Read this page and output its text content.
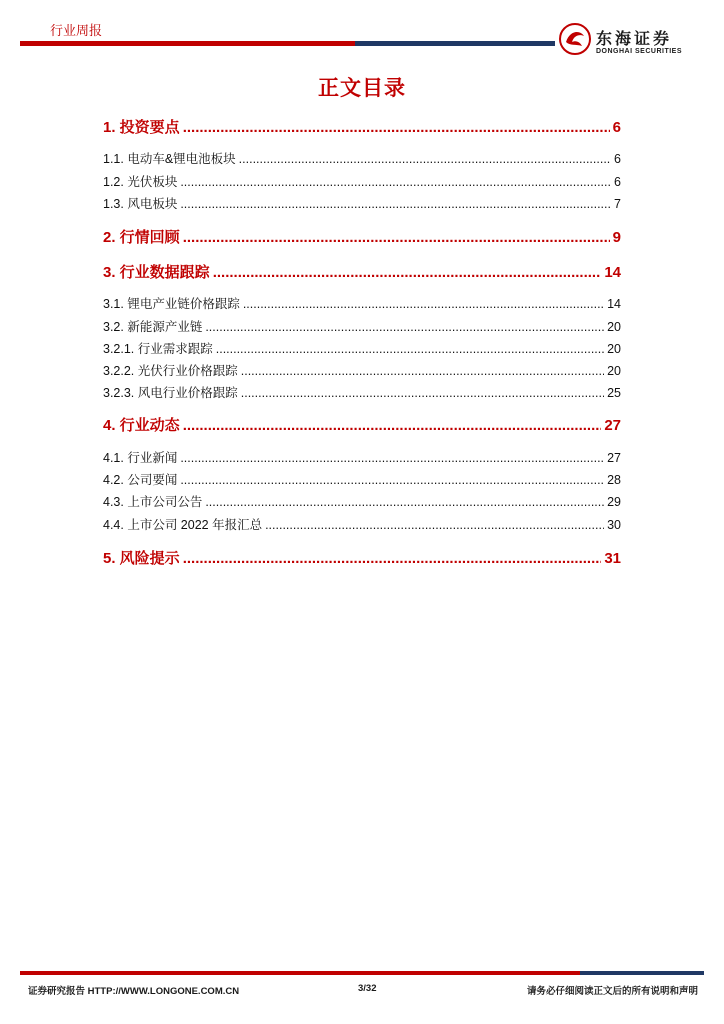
行业周报
东海证券
DONGHAI SECURITIES
正文目录
1. 投资要点 .....	6
1.1. 电动车&锂电池板块 .....	6
1.2. 光伏板块 .....	6
1.3. 风电板块 .....	7
2. 行情回顾 .....	9
3. 行业数据跟踪 .....	14
3.1. 锂电产业链价格跟踪 .....	14
3.2. 新能源产业链 .....	20
3.2.1. 行业需求跟踪 .....	20
3.2.2. 光伏行业价格跟踪 .....	20
3.2.3. 风电行业价格跟踪 .....	25
4. 行业动态 .....	27
4.1. 行业新闻 .....	27
4.2. 公司要闻 .....	28
4.3. 上市公司公告 .....	29
4.4. 上市公司 2022 年报汇总 .....	30
5. 风险提示 .....	31
证券研究报告 HTTP://WWW.LONGONE.COM.CN	3/32	请务必仔细阅读正文后的所有说明和声明
